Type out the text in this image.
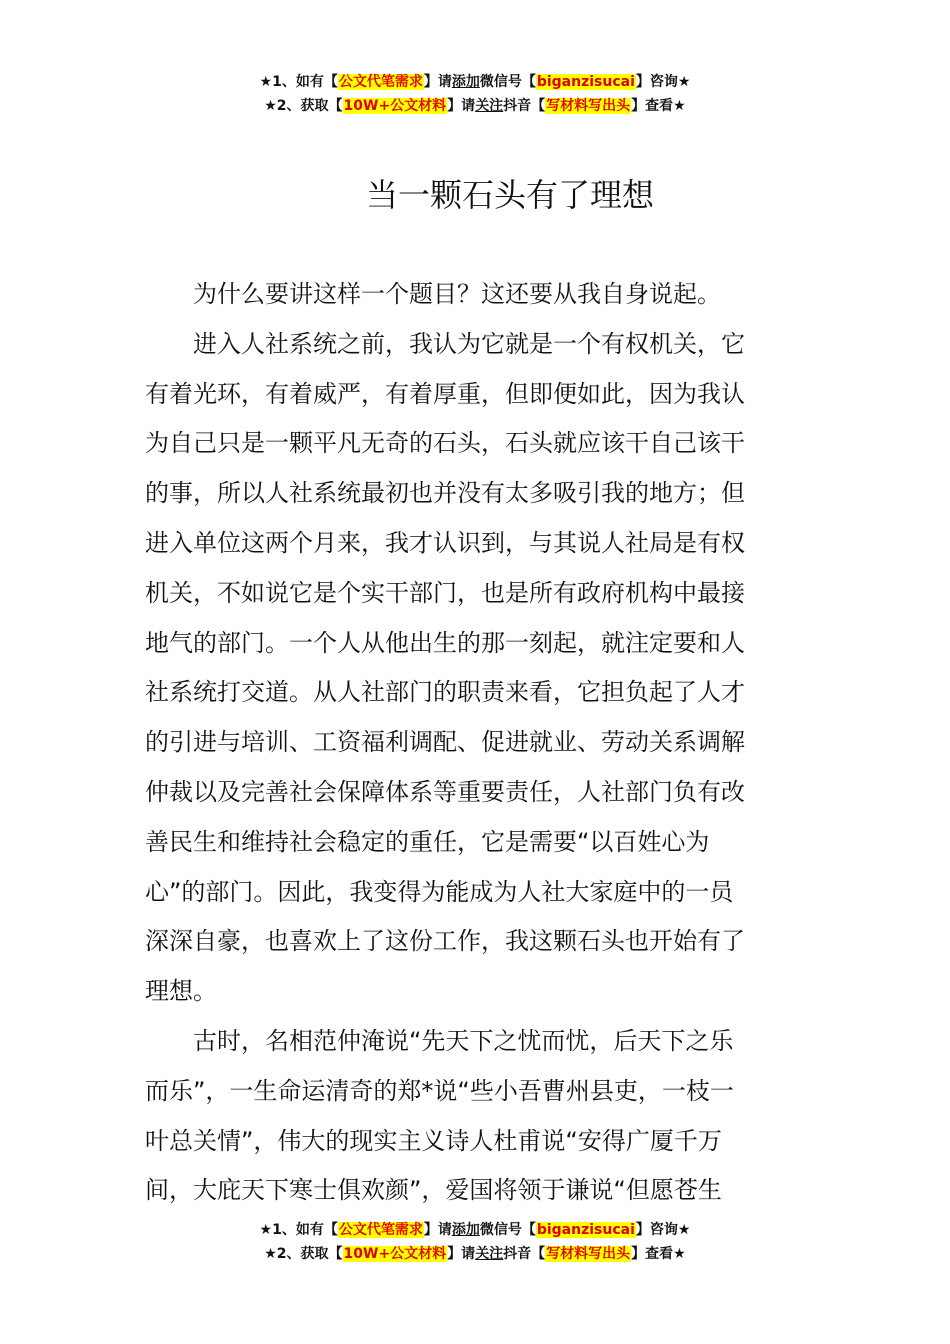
★1、如有【公文代笔需求】请添加微信号【biganzisucai】咨询★
★2、获取【10W+公文材料】请关注抖音【写材料写出头】查看★
当一颗石头有了理想

为什么要讲这样一个题目？这还要从我自身说起。

进入人社系统之前，我认为它就是一个有权机关，它
有着光环，有着威严，有着厚重，但即便如此，因为我认
为自己只是一颗平凡无奇的石头，石头就应该干自己该干
的事，所以人社系统最初也并没有太多吸引我的地方；但
进入单位这两个月来，我才认识到，与其说人社局是有权
机关，不如说它是个实干部门，也是所有政府机构中最接
地气的部门。一个人从他出生的那一刻起，就注定要和人
社系统打交道。从人社部门的职责来看，它担负起了人才
的引进与培训、工资福利调配、促进就业、劳动关系调解
仲裁以及完善社会保障体系等重要责任，人社部门负有改
善民生和维持社会稳定的重任，它是需要“以百姓心为
心”的部门。因此，我变得为能成为人社大家庭中的一员
深深自豪，也喜欢上了这份工作，我这颗石头也开始有了
理想。

古时，名相范仲淹说“先天下之忧而忧，后天下之乐
而乐”，一生命运清奇的郑*说“些小吾曹州县吏，一枝一
叶总关情”，伟大的现实主义诗人杜甫说“安得广厦千万
间，大庇天下寒士俱欢颜”，爱国将领于谦说“但愿苍生

★1、如有【公文代笔需求】请添加微信号【biganzisucai】咨询★
★2、获取【10W+公文材料】请关注抖音【写材料写出头】查看★
